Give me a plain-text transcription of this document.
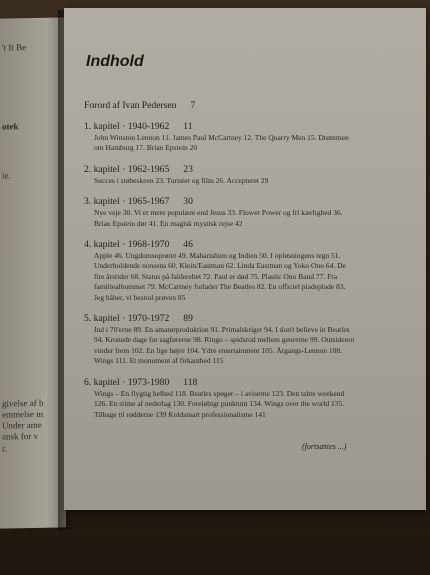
't It Be
otek
ie.
givelse af b
emmelse m
Under ame
ansk for v
r.
Indhold
Forord af Ivan Pedersen 7
1. kapitel · 1940-1962 11
John Winston Lennon 11. James Paul McCartney 12. The Quarry Men 15. Drømmen om Hamburg 17. Brian Epstein 20
2. kapitel · 1962-1965 23
Succes i støbeskeen 23. Turnéer og film 26. Accepteret 29
3. kapitel · 1965-1967 30
Nye veje 30. Vi er mere populære end Jesus 33. Flower Power og fri kærlighed 36. Brian Epstein dør 41. En magisk mystisk rejse 42
4. kapitel · 1968-1970 46
Apple 46. Ungdomsoprøret 49. Maharishien og Indien 50. I opløsningens tegn 51. Underholdende nonsens 60. Klein/Eastman 62. Linda Eastman og Yoko Ono 64. De fire årstider 68. Status på falderebet 72. Paul er død 75. Plastic Ono Band 77. Fra familiealbummet 79. McCartney forlader The Beatles 82. En officiel pladeplade 83. Jeg håber, vi bestod prøven 85
5. kapitel · 1970-1972 89
Ind i 70'erne 89. En amatørproduktion 91. Primalskriget 94. I don't believe in Beatles 94. Kronede dage for sagførerne 98. Ringo – spidsrod mellem genrerne 99. Outsideren vinder frem 102. En lige højre 104. Ydre entertainment 105. Årgangs-Lennon 108. Wings 111. Et monument af firkanthed 115
6. kapitel · 1973-1980 118
Wings – En flygtig helhed 118. Beatles spøger – i aviserne 123. Den tabte weekend 126. En stime af nederlag 130. Foreløbigt punktum 134. Wings over the world 135. Tilbage til rødderne 139 Koldsmart professionalisme 141
(fortsættes ...)
